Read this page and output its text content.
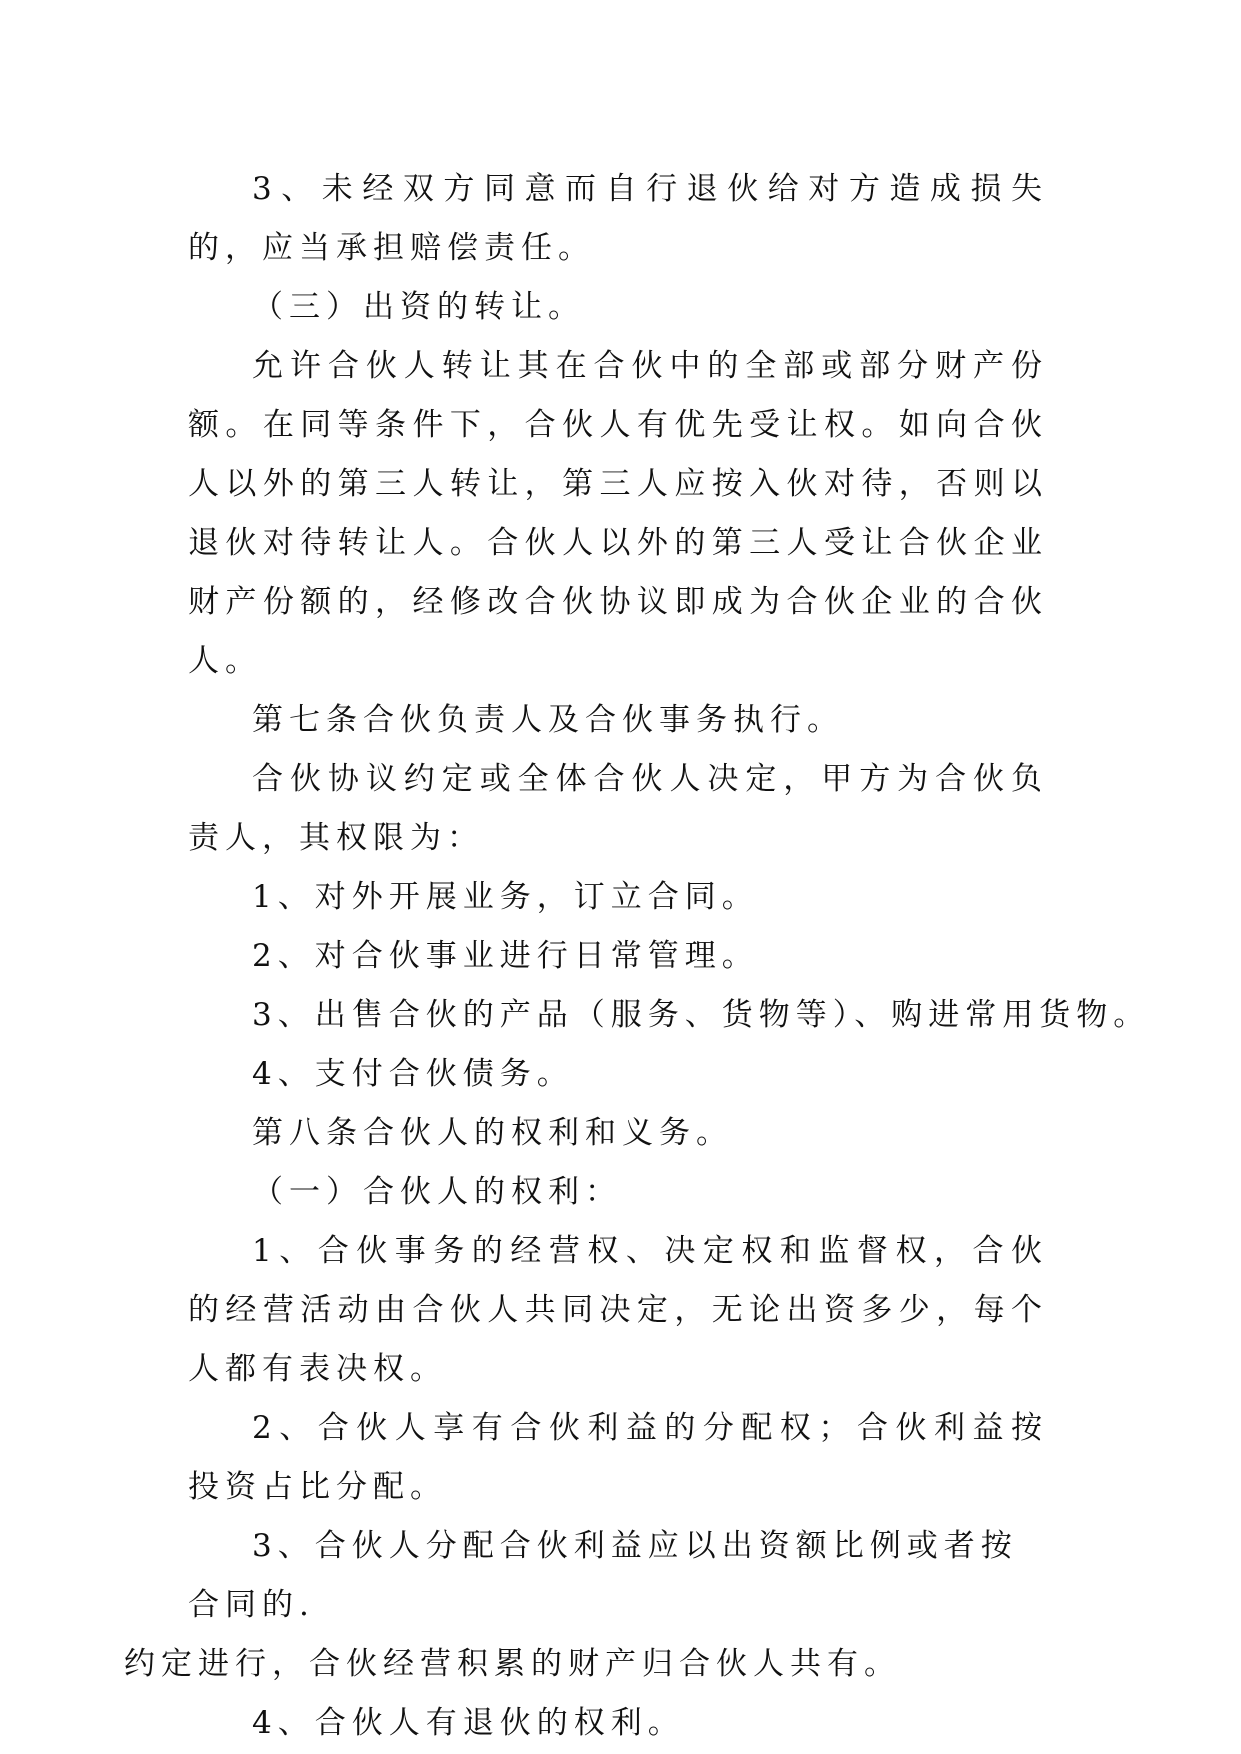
3、未经双方同意而自行退伙给对方造成损失的，应当承担赔偿责任。

（三）出资的转让。

允许合伙人转让其在合伙中的全部或部分财产份额。在同等条件下，合伙人有优先受让权。如向合伙人以外的第三人转让，第三人应按入伙对待，否则以退伙对待转让人。合伙人以外的第三人受让合伙企业财产份额的，经修改合伙协议即成为合伙企业的合伙人。

第七条合伙负责人及合伙事务执行。

合伙协议约定或全体合伙人决定，甲方为合伙负责人，其权限为：

1、对外开展业务，订立合同。

2、对合伙事业进行日常管理。

3、出售合伙的产品（服务、货物等）、购进常用货物。

4、支付合伙债务。

第八条合伙人的权利和义务。

（一）合伙人的权利：

1、合伙事务的经营权、决定权和监督权，合伙的经营活动由合伙人共同决定，无论出资多少，每个人都有表决权。

2、合伙人享有合伙利益的分配权；合伙利益按投资占比分配。

3、合伙人分配合伙利益应以出资额比例或者按合同的.
约定进行，合伙经营积累的财产归合伙人共有。

4、合伙人有退伙的权利。
